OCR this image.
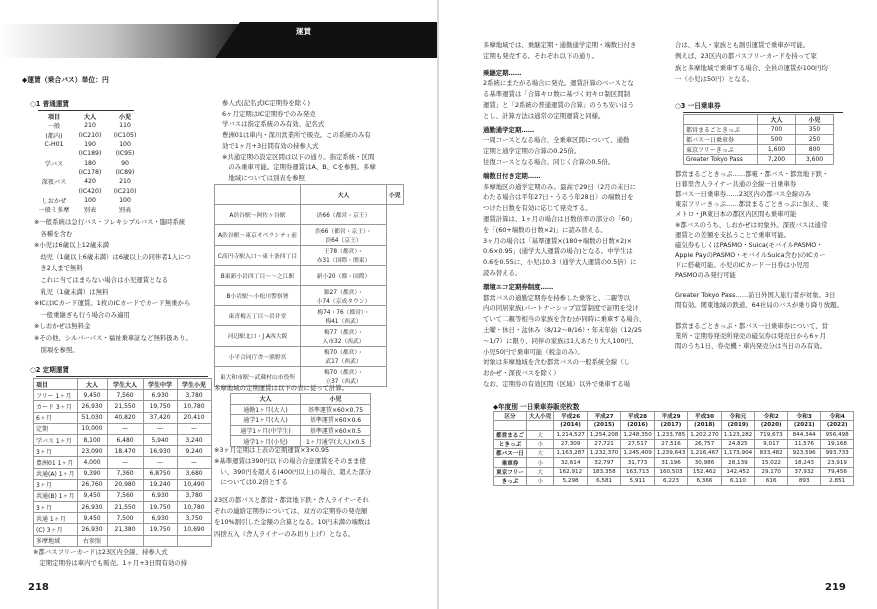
運賃
◆運賃（乗合バス）単位：円
○1 普通運賃
項目	大人	小児
一般	210	110
(都内)	(IC210)	(IC105)
C-H01	190	100
	(IC189)	(IC95)
学バス	180	90
	(IC178)	(IC89)
深夜バス	420	210
	(IC420)	(IC210)
しおかぜ	100	100
一般ミ多摩	別表	別表
※一般系統は急行バス・フレキシブルバス・臨時系統
　各種を含む
※小児は6歳以上12歳未満
　幼児（1歳以上6歳未満）は6歳以上の同伴者1人につ
　き2人まで無料
　これに当てはまらない場合は小児運賃となる
　乳児（1歳未満）は無料
※ICはICカード運賃。1枚のICカードでカード無乗から
　一般乗継ぎも行う場合のみ適用
※しおかぜは無料金
※その他、シルバーパス・福祉乗車証など無料扱あり。
　別項を参照。
○2 定期運賃
項目	大人	学生大人	学生中学	学生小児
フリー 1ヶ月	9,450	7,560	6,930	3,780
カード 3ヶ月	26,930	21,550	19,750	10,780
6ヶ月	51,030	40,820	37,420	20,410
定期	10,000	—	—	—
学バス 1ヶ月	8,100	6,480	5,940	3,240
3ヶ月	23,090	18,470	16,930	9,240
豊洲01 1ヶ月	4,000	—	—	—
共通(A) 1ヶ月	9,390	7,360	6,8750	3,680
3ヶ月	26,760	20,980	19,240	10,490
共通(B) 1ヶ月	9,450	7,560	6,930	3,780
3ヶ月	26,930	21,550	19,750	10,780
共通 1ヶ月	9,450	7,500	6,930	3,750
(C) 3ヶ月	26,930	21,380	19,750	10,690
多摩地域	右参照			
※都バスフリーカードは23区内全線、持参人式
　定期定期券は車内でも販売。1ヶ月+3日間有効の持
参人式(記名式IC定期券を除く)
6ヶ月定期はIC定期券でのみ発売
学バスは指定系統のみ有効、記名式
豊洲01は車内・深川営業所で販売。この系統のみ有
効で1ヶ月+3日間有効の持参人式
※共通定期の設定区間は以下の通り。指定系統・区間
　のみ乗車可能。定期券運賃はA、B、Cを参照。多摩
　地域については別表を参照
	大人	小児
A渋谷駅〜阿佐ヶ谷駅	渋66（都営・京王）	
A渋谷駅〜東京オペラシティ前	渋66（都営・京王）・
渋64（京王）	
C高円寺駅入口〜東十条四丁目	王78（都営）・
赤31（国際・関東）	
B東新小岩四丁目〜〜之江駅	新小20（都・国際）	
B小岩駅〜小松川警察署	錦27（都営）・
小74（京成タウン）	
東青梅五丁目〜岩井堂	梅74・76（都営）・
梅41（西武）	
河辺駅北口・J A西大阪	梅77（都営）・
入市32（西武）	
小平合同庁舎〜熊野宮	梅70（都営）・
武17（西武）	
東大和市駅〜武蔵村山市役所	梅70（都営）・
立37（西武）	
多摩地域の定期運賃は以下の表に従って計算。
大人	小児
通勤1ヶ月(大人)	基準運賃×60×0.75
通学1ヶ月(大人)	基準運賃×60×0.6
通学1ヶ月(中学生)	基準運賃×60×0.5
通学1ヶ月(小児)	1ヶ月通学(大人)×0.5
※3ヶ月定期は上表の定期運賃×3×0.95
※基準運賃は390円以下の場合合意運賃をそのまま使
　い、390円を超える(400円以上)の場合、超えた部分
　については0.2倍とする
23区の都バスと都営・都営地下鉄・舎人ライナーそれ
ぞれの連絡定期券については、双方の定期券の発売額
を10%割引した金額の合算となる。10円未満の端数は
四捨五入（舎人ライナーのみ切り上げ）となる。
218
多摩地域では、乗継定期・通勤通学定期・端数日付き
定期も発売する。それぞれ以下の通り。
乗継定期……
2系統にまたがる場合に発売。運賃計算のベースとな
る基準運賃は「合算キロ数に基づく対キロ制区間制
運賃」と「2系統の普通運賃の合算」のうち安いほう
とし、計算方法は通常の定期運賃と同様。
通勤通学定期……
一周コースとなる場合、全乗車区間について、通勤
定期と通学定期の合算の0.25倍。
往復コースとなる場合、同じく合算の0.5倍。
端数日付き定期……
多摩地区の通学定期のみ。最高で29日（2月の末日に
わたる場合は平年27日・うるう年28日）の端数日を
つけた日数を有効に応じて発売する。
運賃計算は、1ヶ月の場合は日数倍率の部分の「60」
を「(60+端数の日数×2)」に読み替える。
3ヶ月の場合は「基準運賃×(180+端数の日数×2)×
0.6×0.95」(通学大人運賃の場合)となる。中学生は
0.6を0.55に、小児は0.3（通学大人運賃の0.5倍）に
読み替える。
環境エコ定期券制度……
都営バスの通勤定期券を持参した乗客と、二親等以
内の同居家族(パートナーシップ宣誓制度で証明を受け
ていて二親等相当の家族を含む)が同時に乗車する場合、
土曜・休日・盆休み（8/12〜8/16）・年末年始（12/25
〜1/7）に限り、同伴の家族は1人あたり大人100円、
小児50円で乗車可能（税金のみ）。
対象は多摩地域を含む都営バスの一般系統全線（し
おかぜ・深夜バスを除く）
なお、定期券の有効区間（区域）以外で乗車する場
合は、本人・家族とも割引運賃で乗車が可能。
例えば、23区内の都バスフリーカードを持って家
族と多摩地域で乗車する場合、全員の運賃が100円均
一（小児は50円）となる。
○3 一日乗車券
	大人	小児
都営まるごときっぷ	700	350
都バス一日乗車券	500	250
東京フリーきっぷ	1,600	800
Greater Tokyo Pass	7,200	3,600
都営まるごときっぷ……都電・都バス・都営地下鉄・
日暮里舎人ライナー共通の全線一日乗車券
都バス一日乗車券……23区内の都バス全線のみ
東京フリーきっぷ……都営まるごときっぷに加え、東
メトロ・JR東日本の都区内区間も乗車可能
※都バスのうち、しおかぜは対象外。深夜バスは通常
運賃との差額を支払うことで乗車可能。
磁気券もしくはPASMO・Suica(モバイルPASMO・
Apple PayのPASMO・モバイルSuica含む)のICカー
ドに搭載可能。小児のICカード一日券は小児用
PASMOのみ発行可能
Greater Tokyo Pass……訪日外国人旅行者が対象。3日
間有効。関東地域の鉄道、64社局のバスが乗り降り放題。
都営まるごときっぷ・都バス一日乗車券について、営
業所・定期券発売所発売の磁気券は発売日から6ヶ月
間のうち1日、券売機・車内発売分は当日のみ有効。
◆年度別 一日乗車券販売枚数
区分	大人小児	平成26	平成27	平成28	平成29	平成30	令和元	令和2	令和3	令和4
		(2014)	(2015)	(2016)	(2017)	(2018)	(2019)	(2020)	(2021)	(2022)
都営まるご	大	1,214,527	1,254,208	1,248,350	1,233,785	1,202,270	1,123,282	719,673	844,344	956,498
ときっぷ	小	27,309	27,721	27,517	27,516	26,757	24,825	9,017	11,576	19,168
都バス一日	大	1,163,287	1,232,370	1,245,409	1,239,643	1,216,467	1,173,904	833,482	923,596	993,733
乗車券	小	32,614	32,797	31,773	31,196	30,986	28,139	15,022	18,243	23,919
東京フリー	大	162,912	183,358	163,713	160,503	152,462	142,452	29,170	37,932	79,456
きっぷ	小	5,298	6,581	5,911	6,223	6,366	6,110	616	893	2,851
219
